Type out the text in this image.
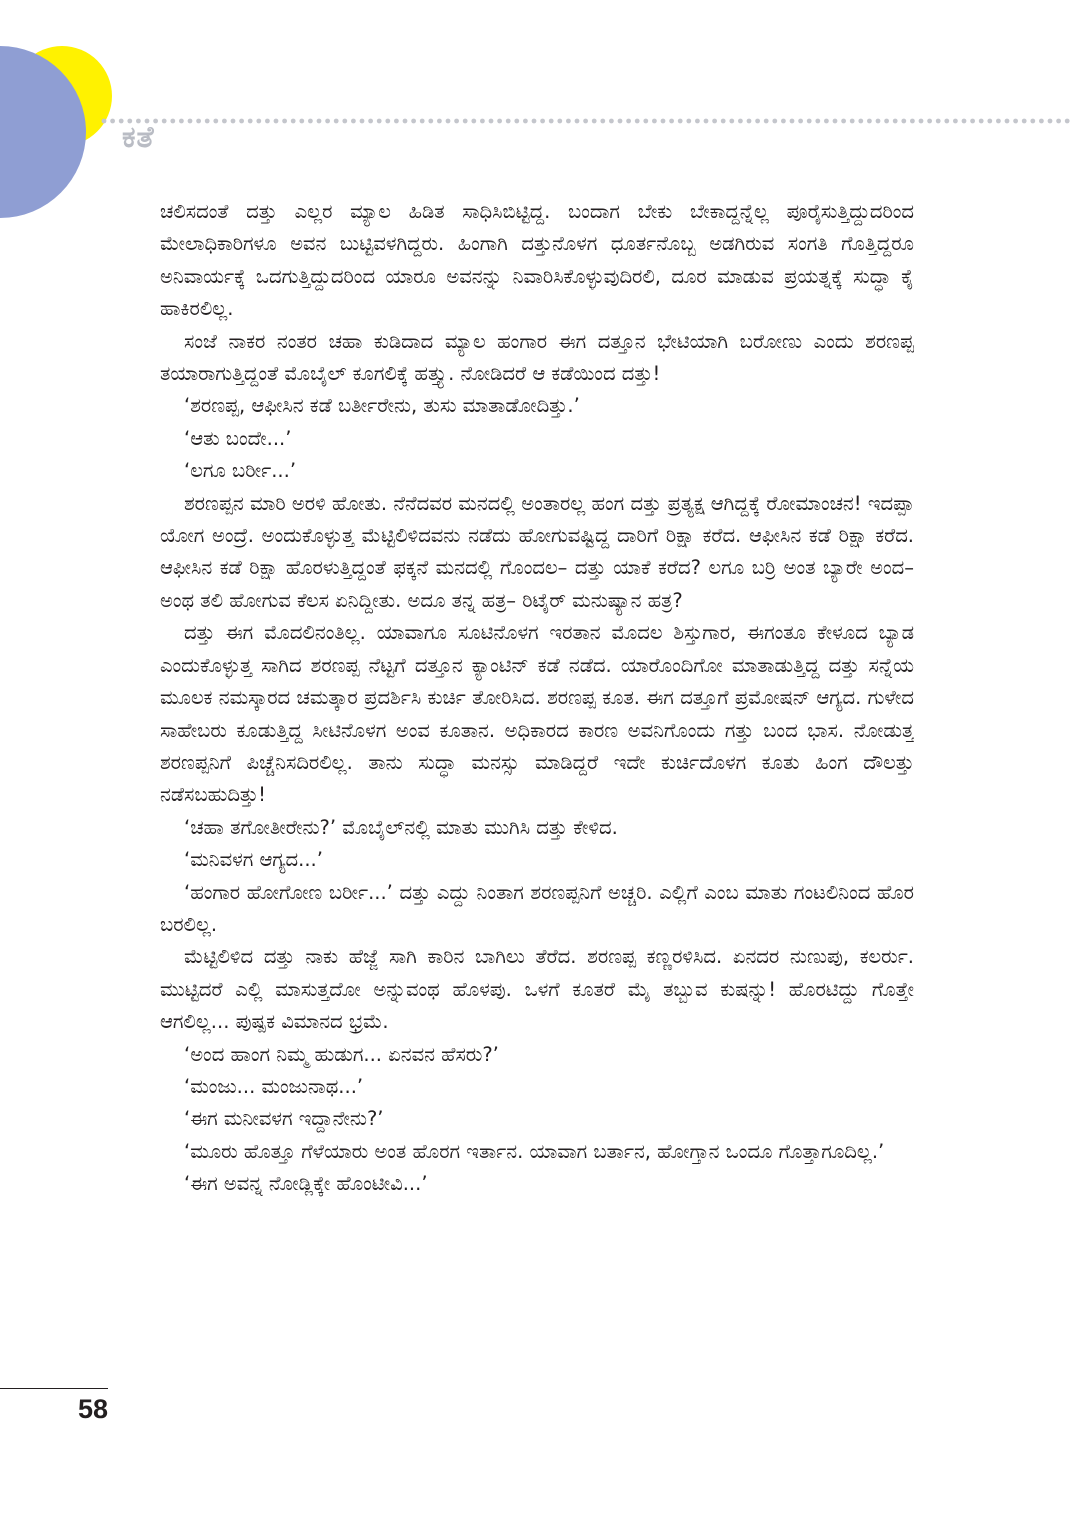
ಕತೆ

ಚಲಿಸದಂತೆ ದತ್ತು ಎಲ್ಲರ ಮ್ಯಾಲ ಹಿಡಿತ ಸಾಧಿಸಿಬಿಟ್ಟಿದ್ದ. ಬಂದಾಗ ಬೇಕು ಬೇಕಾದ್ದನ್ನೆಲ್ಲ ಪೂರೈಸುತ್ತಿದ್ದುದರಿಂದ ಮೇಲಾಧಿಕಾರಿಗಳೂ ಅವನ ಬುಟ್ಟಿವಳಗಿದ್ದರು. ಹಿಂಗಾಗಿ ದತ್ತುನೊಳಗ ಧೂರ್ತನೊಬ್ಬ ಅಡಗಿರುವ ಸಂಗತಿ ಗೊತ್ತಿದ್ದರೂ ಅನಿವಾರ್ಯಕ್ಕೆ ಒದಗುತ್ತಿದ್ದುದರಿಂದ ಯಾರೂ ಅವನನ್ನು ನಿವಾರಿಸಿಕೊಳ್ಳುವುದಿರಲಿ, ದೂರ ಮಾಡುವ ಪ್ರಯತ್ನಕ್ಕೆ ಸುದ್ಧಾ ಕೈ ಹಾಕಿರಲಿಲ್ಲ.

ಸಂಜೆ ನಾಕರ ನಂತರ ಚಹಾ ಕುಡಿದಾದ ಮ್ಯಾಲ ಹಂಗಾರ ಈಗ ದತ್ತೂನ ಭೇಟಿಯಾಗಿ ಬರೋಣು ಎಂದು ಶರಣಪ್ಪ ತಯಾರಾಗುತ್ತಿದ್ದಂತೆ ಮೊಬೈಲ್ ಕೂಗಲಿಕ್ಕೆ ಹತ್ತ್ಯು. ನೋಡಿದರೆ ಆ ಕಡೆಯಿಂದ ದತ್ತು!

‘ಶರಣಪ್ಪ, ಆಫೀಸಿನ ಕಡೆ ಬರ್ತೀರೇನು, ತುಸು ಮಾತಾಡೋದಿತ್ತು.’

‘ಆತು ಬಂದೇ...’

‘ಲಗೂ ಬರ್ರೀ...’

ಶರಣಪ್ಪನ ಮಾರಿ ಅರಳಿ ಹೋತು. ನೆನೆದವರ ಮನದಲ್ಲಿ ಅಂತಾರಲ್ಲ ಹಂಗ ದತ್ತು ಪ್ರತ್ಯಕ್ಷ ಆಗಿದ್ದಕ್ಕೆ ರೋಮಾಂಚನ! ಇದಪ್ಪಾ ಯೋಗ ಅಂದ್ರೆ. ಅಂದುಕೊಳ್ಳುತ್ತ ಮೆಟ್ಟಿಲಿಳಿದವನು ನಡೆದು ಹೋಗುವಷ್ಟಿದ್ದ ದಾರಿಗೆ ರಿಕ್ಷಾ ಕರೆದ. ಆಫೀಸಿನ ಕಡೆ ರಿಕ್ಷಾ ಕರೆದ. ಆಫೀಸಿನ ಕಡೆ ರಿಕ್ಷಾ ಹೊರಳುತ್ತಿದ್ದಂತೆ ಫಕ್ಕನೆ ಮನದಲ್ಲಿ ಗೊಂದಲ– ದತ್ತು ಯಾಕೆ ಕರೆದ? ಲಗೂ ಬರ್ರಿ ಅಂತ ಬ್ಯಾರೇ ಅಂದ– ಅಂಥ ತಲಿ ಹೋಗುವ ಕೆಲಸ ಏನಿದ್ದೀತು. ಅದೂ ತನ್ನ ಹತ್ರ– ರಿಟೈರ್ ಮನುಷ್ಯಾನ ಹತ್ರ?

ದತ್ತು ಈಗ ಮೊದಲಿನಂತಿಲ್ಲ. ಯಾವಾಗೂ ಸೂಟಿನೊಳಗ ಇರತಾನ ಮೊದಲ ಶಿಸ್ತುಗಾರ, ಈಗಂತೂ ಕೇಳೂದ ಬ್ಯಾಡ ಎಂದುಕೊಳ್ಳುತ್ತ ಸಾಗಿದ ಶರಣಪ್ಪ ನೆಟ್ಟಗೆ ದತ್ತೂನ ಕ್ಯಾಂಟಿನ್ ಕಡೆ ನಡೆದ. ಯಾರೊಂದಿಗೋ ಮಾತಾಡುತ್ತಿದ್ದ ದತ್ತು ಸನ್ನೆಯ ಮೂಲಕ ನಮಸ್ಕಾರದ ಚಮತ್ಕಾರ ಪ್ರದರ್ಶಿಸಿ ಕುರ್ಚಿ ತೋರಿಸಿದ. ಶರಣಪ್ಪ ಕೂತ. ಈಗ ದತ್ತೂಗೆ ಪ್ರಮೋಷನ್ ಆಗ್ಯದ. ಗುಳೇದ ಸಾಹೇಬರು ಕೂಡುತ್ತಿದ್ದ ಸೀಟಿನೊಳಗ ಅಂವ ಕೂತಾನ. ಅಧಿಕಾರದ ಕಾರಣ ಅವನಿಗೊಂದು ಗತ್ತು ಬಂದ ಭಾಸ. ನೋಡುತ್ತ ಶರಣಪ್ಪನಿಗೆ ಪಿಚ್ಚೆನಿಸದಿರಲಿಲ್ಲ. ತಾನು ಸುದ್ಧಾ ಮನಸ್ಸು ಮಾಡಿದ್ದರೆ ಇದೇ ಕುರ್ಚಿದೊಳಗ ಕೂತು ಹಿಂಗ ದೌಲತ್ತು ನಡೆಸಬಹುದಿತ್ತು!

‘ಚಹಾ ತಗೋತೀರೇನು?’ ಮೊಬೈಲ್‌ನಲ್ಲಿ ಮಾತು ಮುಗಿಸಿ ದತ್ತು ಕೇಳಿದ.

‘ಮನಿವಳಗ ಆಗ್ಯದ...’

‘ಹಂಗಾರ ಹೋಗೋಣ ಬರ್ರೀ...’ ದತ್ತು ಎದ್ದು ನಿಂತಾಗ ಶರಣಪ್ಪನಿಗೆ ಅಚ್ಚರಿ. ಎಲ್ಲಿಗೆ ಎಂಬ ಮಾತು ಗಂಟಲಿನಿಂದ ಹೊರ ಬರಲಿಲ್ಲ.

ಮೆಟ್ಟಿಲಿಳಿದ ದತ್ತು ನಾಕು ಹೆಜ್ಜೆ ಸಾಗಿ ಕಾರಿನ ಬಾಗಿಲು ತೆರೆದ. ಶರಣಪ್ಪ ಕಣ್ಣರಳಿಸಿದ. ಏನದರ ನುಣುಪು, ಕಲರ್ರು. ಮುಟ್ಟಿದರೆ ಎಲ್ಲಿ ಮಾಸುತ್ತದೋ ಅನ್ನುವಂಥ ಹೊಳಪು. ಒಳಗೆ ಕೂತರೆ ಮೈ ತಬ್ಬುವ ಕುಷನ್ನು! ಹೊರಟಿದ್ದು ಗೊತ್ತೇ ಆಗಲಿಲ್ಲ... ಪುಷ್ಪಕ ವಿಮಾನದ ಭ್ರಮೆ.

‘ಅಂದ ಹಾಂಗ ನಿಮ್ಮ ಹುಡುಗ... ಏನವನ ಹೆಸರು?’

‘ಮಂಜು... ಮಂಜುನಾಥ...’

‘ಈಗ ಮನೀವಳಗ ಇದ್ದಾನೇನು?’

‘ಮೂರು ಹೊತ್ತೂ ಗೆಳೆಯಾರು ಅಂತ ಹೊರಗ ಇರ್ತಾನ. ಯಾವಾಗ ಬರ್ತಾನ, ಹೋಗ್ತಾನ ಒಂದೂ ಗೊತ್ತಾಗೂದಿಲ್ಲ.’

‘ಈಗ ಅವನ್ನ ನೋಡ್ಲಿಕ್ಕೇ ಹೊಂಟೀವಿ...’

58
